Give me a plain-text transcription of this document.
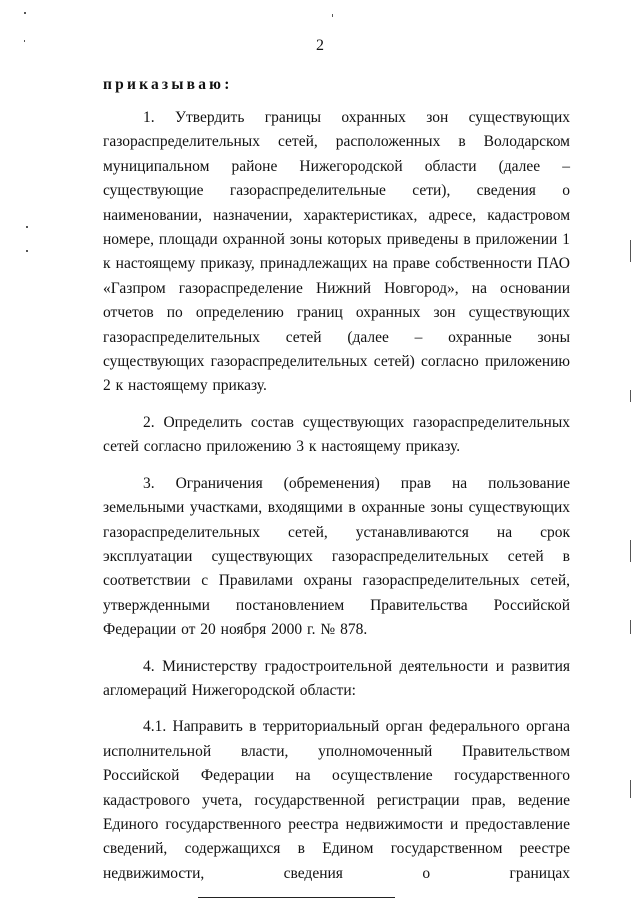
2
приказываю:

1. Утвердить границы охранных зон существующих газораспределительных сетей, расположенных в Володарском муниципальном районе Нижегородской области (далее – существующие газораспределительные сети), сведения о наименовании, назначении, характеристиках, адресе, кадастровом номере, площади охранной зоны которых приведены в приложении 1 к настоящему приказу, принадлежащих на праве собственности ПАО «Газпром газораспределение Нижний Новгород», на основании отчетов по определению границ охранных зон существующих газораспределительных сетей (далее – охранные зоны существующих газораспределительных сетей) согласно приложению 2 к настоящему приказу.

2. Определить состав существующих газораспределительных сетей согласно приложению 3 к настоящему приказу.

3. Ограничения (обременения) прав на пользование земельными участками, входящими в охранные зоны существующих газораспределительных сетей, устанавливаются на срок эксплуатации существующих газораспределительных сетей в соответствии с Правилами охраны газораспределительных сетей, утвержденными постановлением Правительства Российской Федерации от 20 ноября 2000 г. № 878.

4. Министерству градостроительной деятельности и развития агломераций Нижегородской области:

4.1. Направить в территориальный орган федерального органа исполнительной власти, уполномоченный Правительством Российской Федерации на осуществление государственного кадастрового учета, государственной регистрации прав, ведение Единого государственного реестра недвижимости и предоставление сведений, содержащихся в Едином государственном реестре недвижимости, сведения о границах
